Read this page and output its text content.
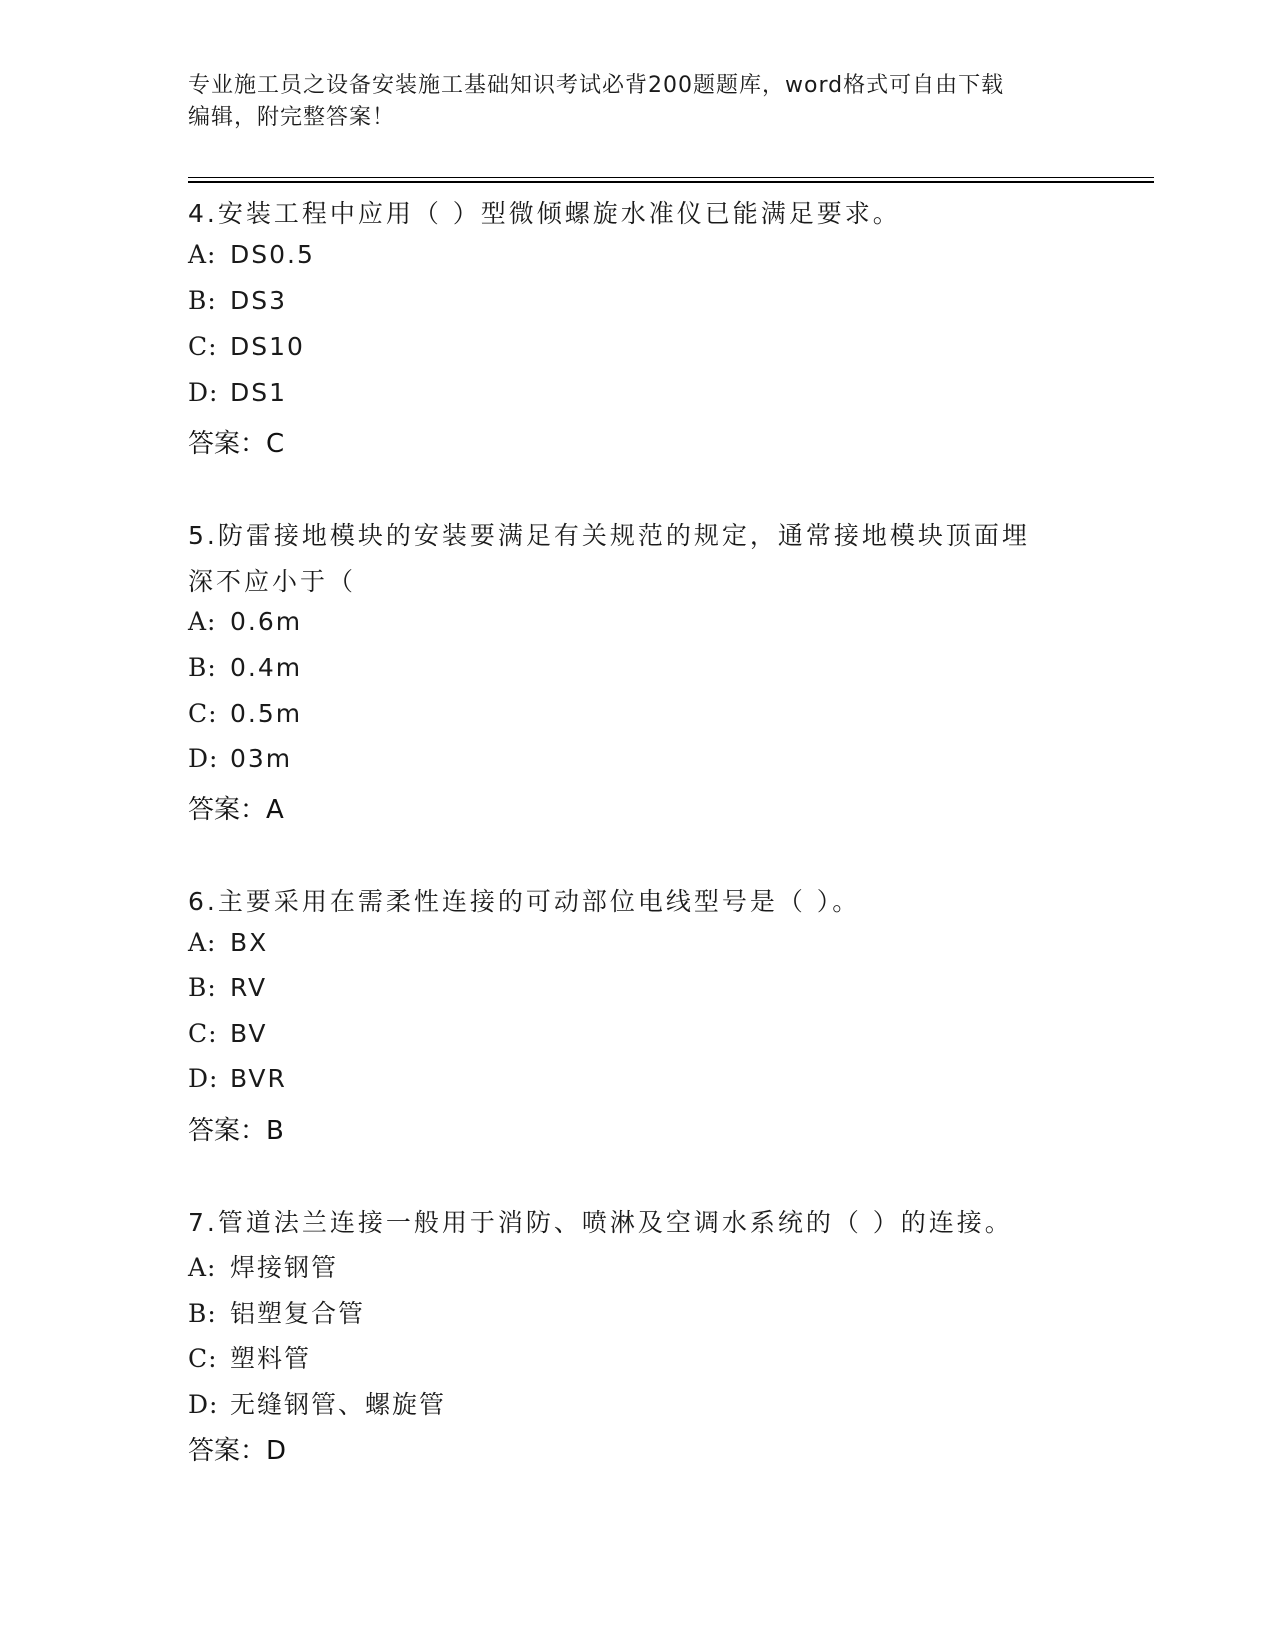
专业施工员之设备安装施工基础知识考试必背200题题库，word格式可自由下载
编辑，附完整答案！
4.安装工程中应用（ ）型微倾螺旋水准仪已能满足要求。
A: DS0.5
B: DS3
C: DS10
D: DS1
答案：C
5.防雷接地模块的安装要满足有关规范的规定，通常接地模块顶面埋
深不应小于（
A: 0.6m
B: 0.4m
C: 0.5m
D: 03m
答案：A
6.主要采用在需柔性连接的可动部位电线型号是（ ）。
A: BX
B: RV
C: BV
D: BVR
答案：B
7.管道法兰连接一般用于消防、喷淋及空调水系统的（ ）的连接。
A: 焊接钢管
B: 铝塑复合管
C: 塑料管
D: 无缝钢管、螺旋管
答案：D
